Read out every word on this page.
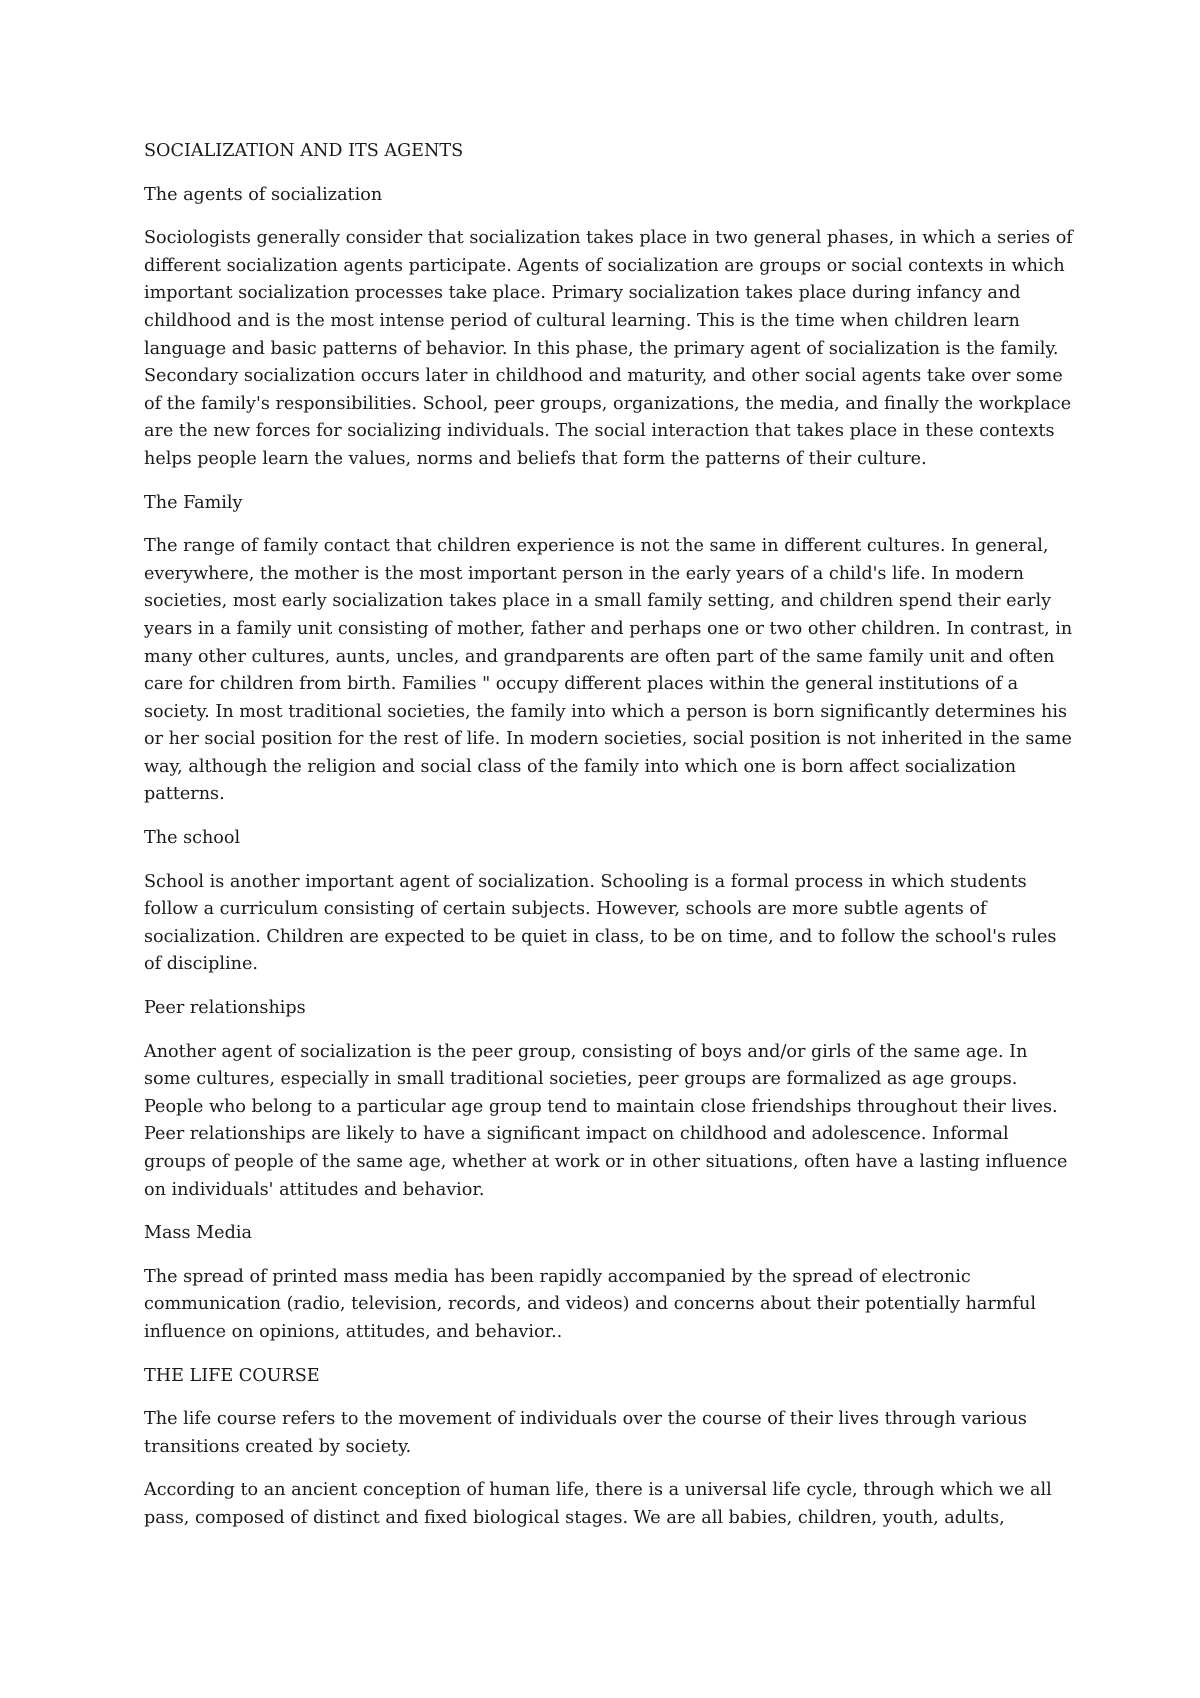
SOCIALIZATION AND ITS AGENTS

The agents of socialization

Sociologists generally consider that socialization takes place in two general phases, in which a series of different socialization agents participate. Agents of socialization are groups or social contexts in which important socialization processes take place. Primary socialization takes place during infancy and childhood and is the most intense period of cultural learning. This is the time when children learn language and basic patterns of behavior. In this phase, the primary agent of socialization is the family. Secondary socialization occurs later in childhood and maturity, and other social agents take over some of the family's responsibilities. School, peer groups, organizations, the media, and finally the workplace are the new forces for socializing individuals. The social interaction that takes place in these contexts helps people learn the values, norms and beliefs that form the patterns of their culture.

The Family

The range of family contact that children experience is not the same in different cultures. In general, everywhere, the mother is the most important person in the early years of a child's life. In modern societies, most early socialization takes place in a small family setting, and children spend their early years in a family unit consisting of mother, father and perhaps one or two other children. In contrast, in many other cultures, aunts, uncles, and grandparents are often part of the same family unit and often care for children from birth. Families " occupy different places within the general institutions of a society. In most traditional societies, the family into which a person is born significantly determines his or her social position for the rest of life. In modern societies, social position is not inherited in the same way, although the religion and social class of the family into which one is born affect socialization patterns.

The school

School is another important agent of socialization. Schooling is a formal process in which students follow a curriculum consisting of certain subjects. However, schools are more subtle agents of socialization. Children are expected to be quiet in class, to be on time, and to follow the school's rules of discipline.

Peer relationships

Another agent of socialization is the peer group, consisting of boys and/or girls of the same age. In some cultures, especially in small traditional societies, peer groups are formalized as age groups. People who belong to a particular age group tend to maintain close friendships throughout their lives. Peer relationships are likely to have a significant impact on childhood and adolescence. Informal groups of people of the same age, whether at work or in other situations, often have a lasting influence on individuals' attitudes and behavior.

Mass Media

The spread of printed mass media has been rapidly accompanied by the spread of electronic communication (radio, television, records, and videos) and concerns about their potentially harmful influence on opinions, attitudes, and behavior..

THE LIFE COURSE

The life course refers to the movement of individuals over the course of their lives through various transitions created by society.

According to an ancient conception of human life, there is a universal life cycle, through which we all pass, composed of distinct and fixed biological stages. We are all babies, children, youth, adults,
